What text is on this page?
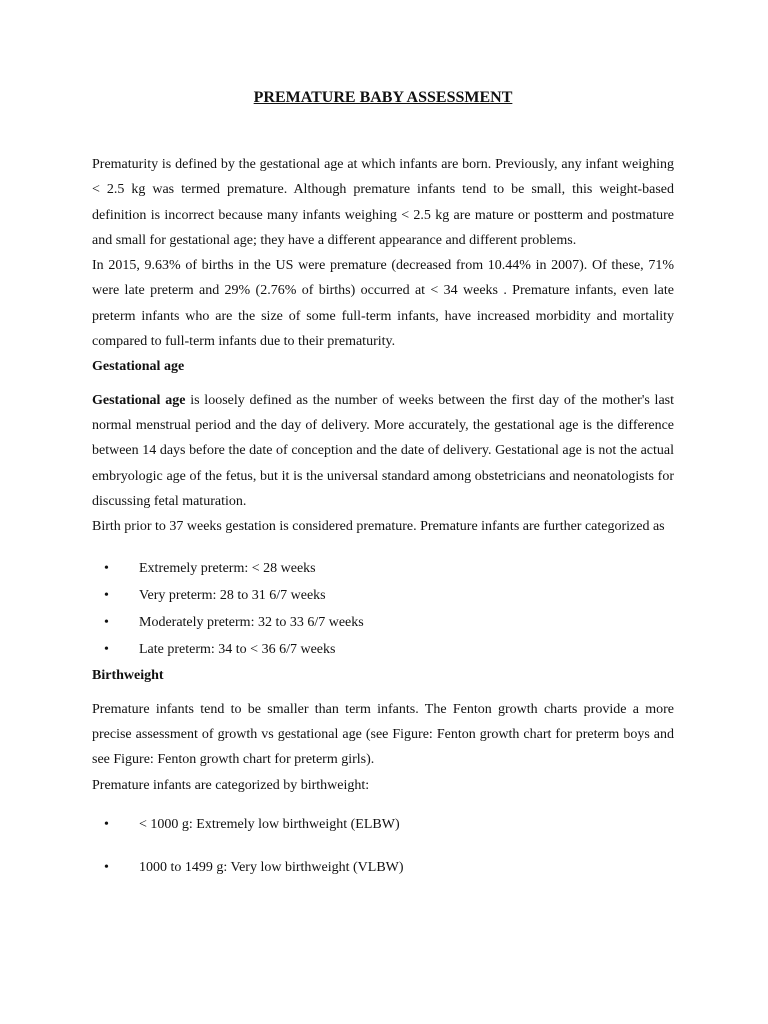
PREMATURE BABY ASSESSMENT

Prematurity is defined by the gestational age at which infants are born. Previously, any infant weighing < 2.5 kg was termed premature. Although premature infants tend to be small, this weight-based definition is incorrect because many infants weighing < 2.5 kg are mature or postterm and postmature and small for gestational age; they have a different appearance and different problems.

In 2015, 9.63% of births in the US were premature (decreased from 10.44% in 2007). Of these, 71% were late preterm and 29% (2.76% of births) occurred at < 34 weeks . Premature infants, even late preterm infants who are the size of some full-term infants, have increased morbidity and mortality compared to full-term infants due to their prematurity.

Gestational age

Gestational age is loosely defined as the number of weeks between the first day of the mother's last normal menstrual period and the day of delivery. More accurately, the gestational age is the difference between 14 days before the date of conception and the date of delivery. Gestational age is not the actual embryologic age of the fetus, but it is the universal standard among obstetricians and neonatologists for discussing fetal maturation.

Birth prior to 37 weeks gestation is considered premature. Premature infants are further categorized as

• Extremely preterm: < 28 weeks
• Very preterm: 28 to 31 6/7 weeks
• Moderately preterm: 32 to 33 6/7 weeks
• Late preterm: 34 to < 36 6/7 weeks
Birthweight

Premature infants tend to be smaller than term infants. The Fenton growth charts provide a more precise assessment of growth vs gestational age (see Figure: Fenton growth chart for preterm boys and see Figure: Fenton growth chart for preterm girls).

Premature infants are categorized by birthweight:

• < 1000 g: Extremely low birthweight (ELBW)
• 1000 to 1499 g: Very low birthweight (VLBW)
